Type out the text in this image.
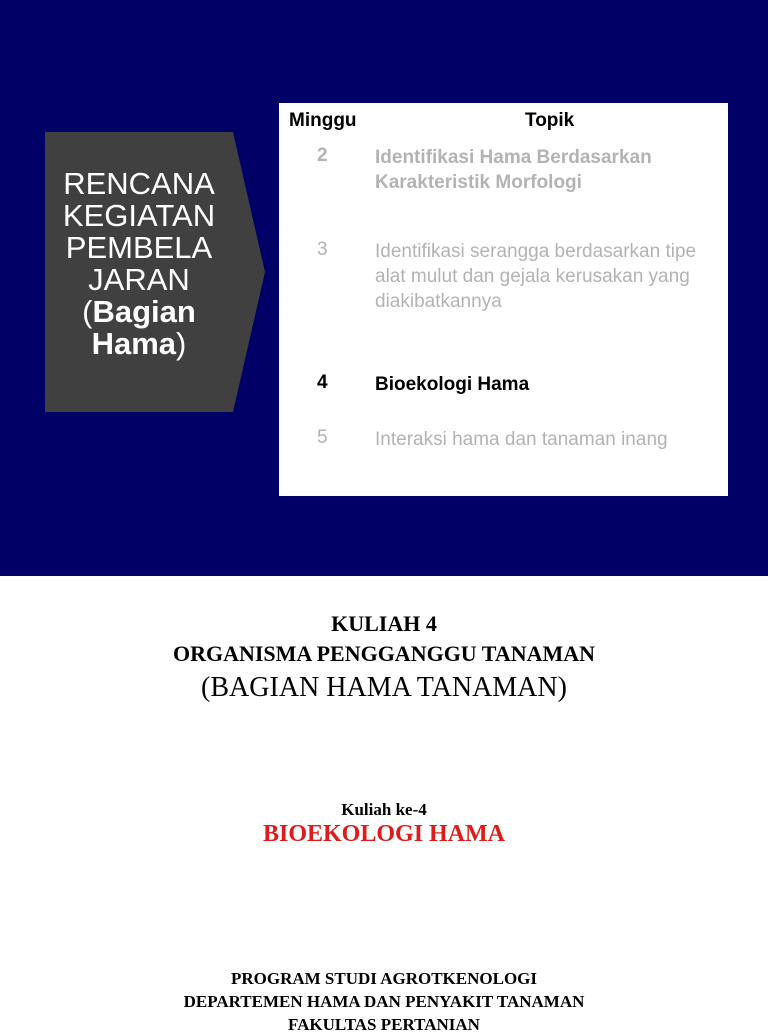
RENCANA
KEGIATAN
PEMBELA
JARAN
(Bagian
Hama)
Minggu	Topik
2 Identifikasi Hama Berdasarkan Karakteristik Morfologi
3 Identifikasi serangga berdasarkan tipe alat mulut dan gejala kerusakan yang diakibatkannya
4 Bioekologi Hama
5 Interaksi hama dan tanaman inang
KULIAH 4
ORGANISMA PENGGANGGU TANAMAN
(BAGIAN HAMA TANAMAN)
Kuliah ke-4
BIOEKOLOGI HAMA
PROGRAM STUDI AGROTKENOLOGI
DEPARTEMEN HAMA DAN PENYAKIT TANAMAN
FAKULTAS PERTANIAN
